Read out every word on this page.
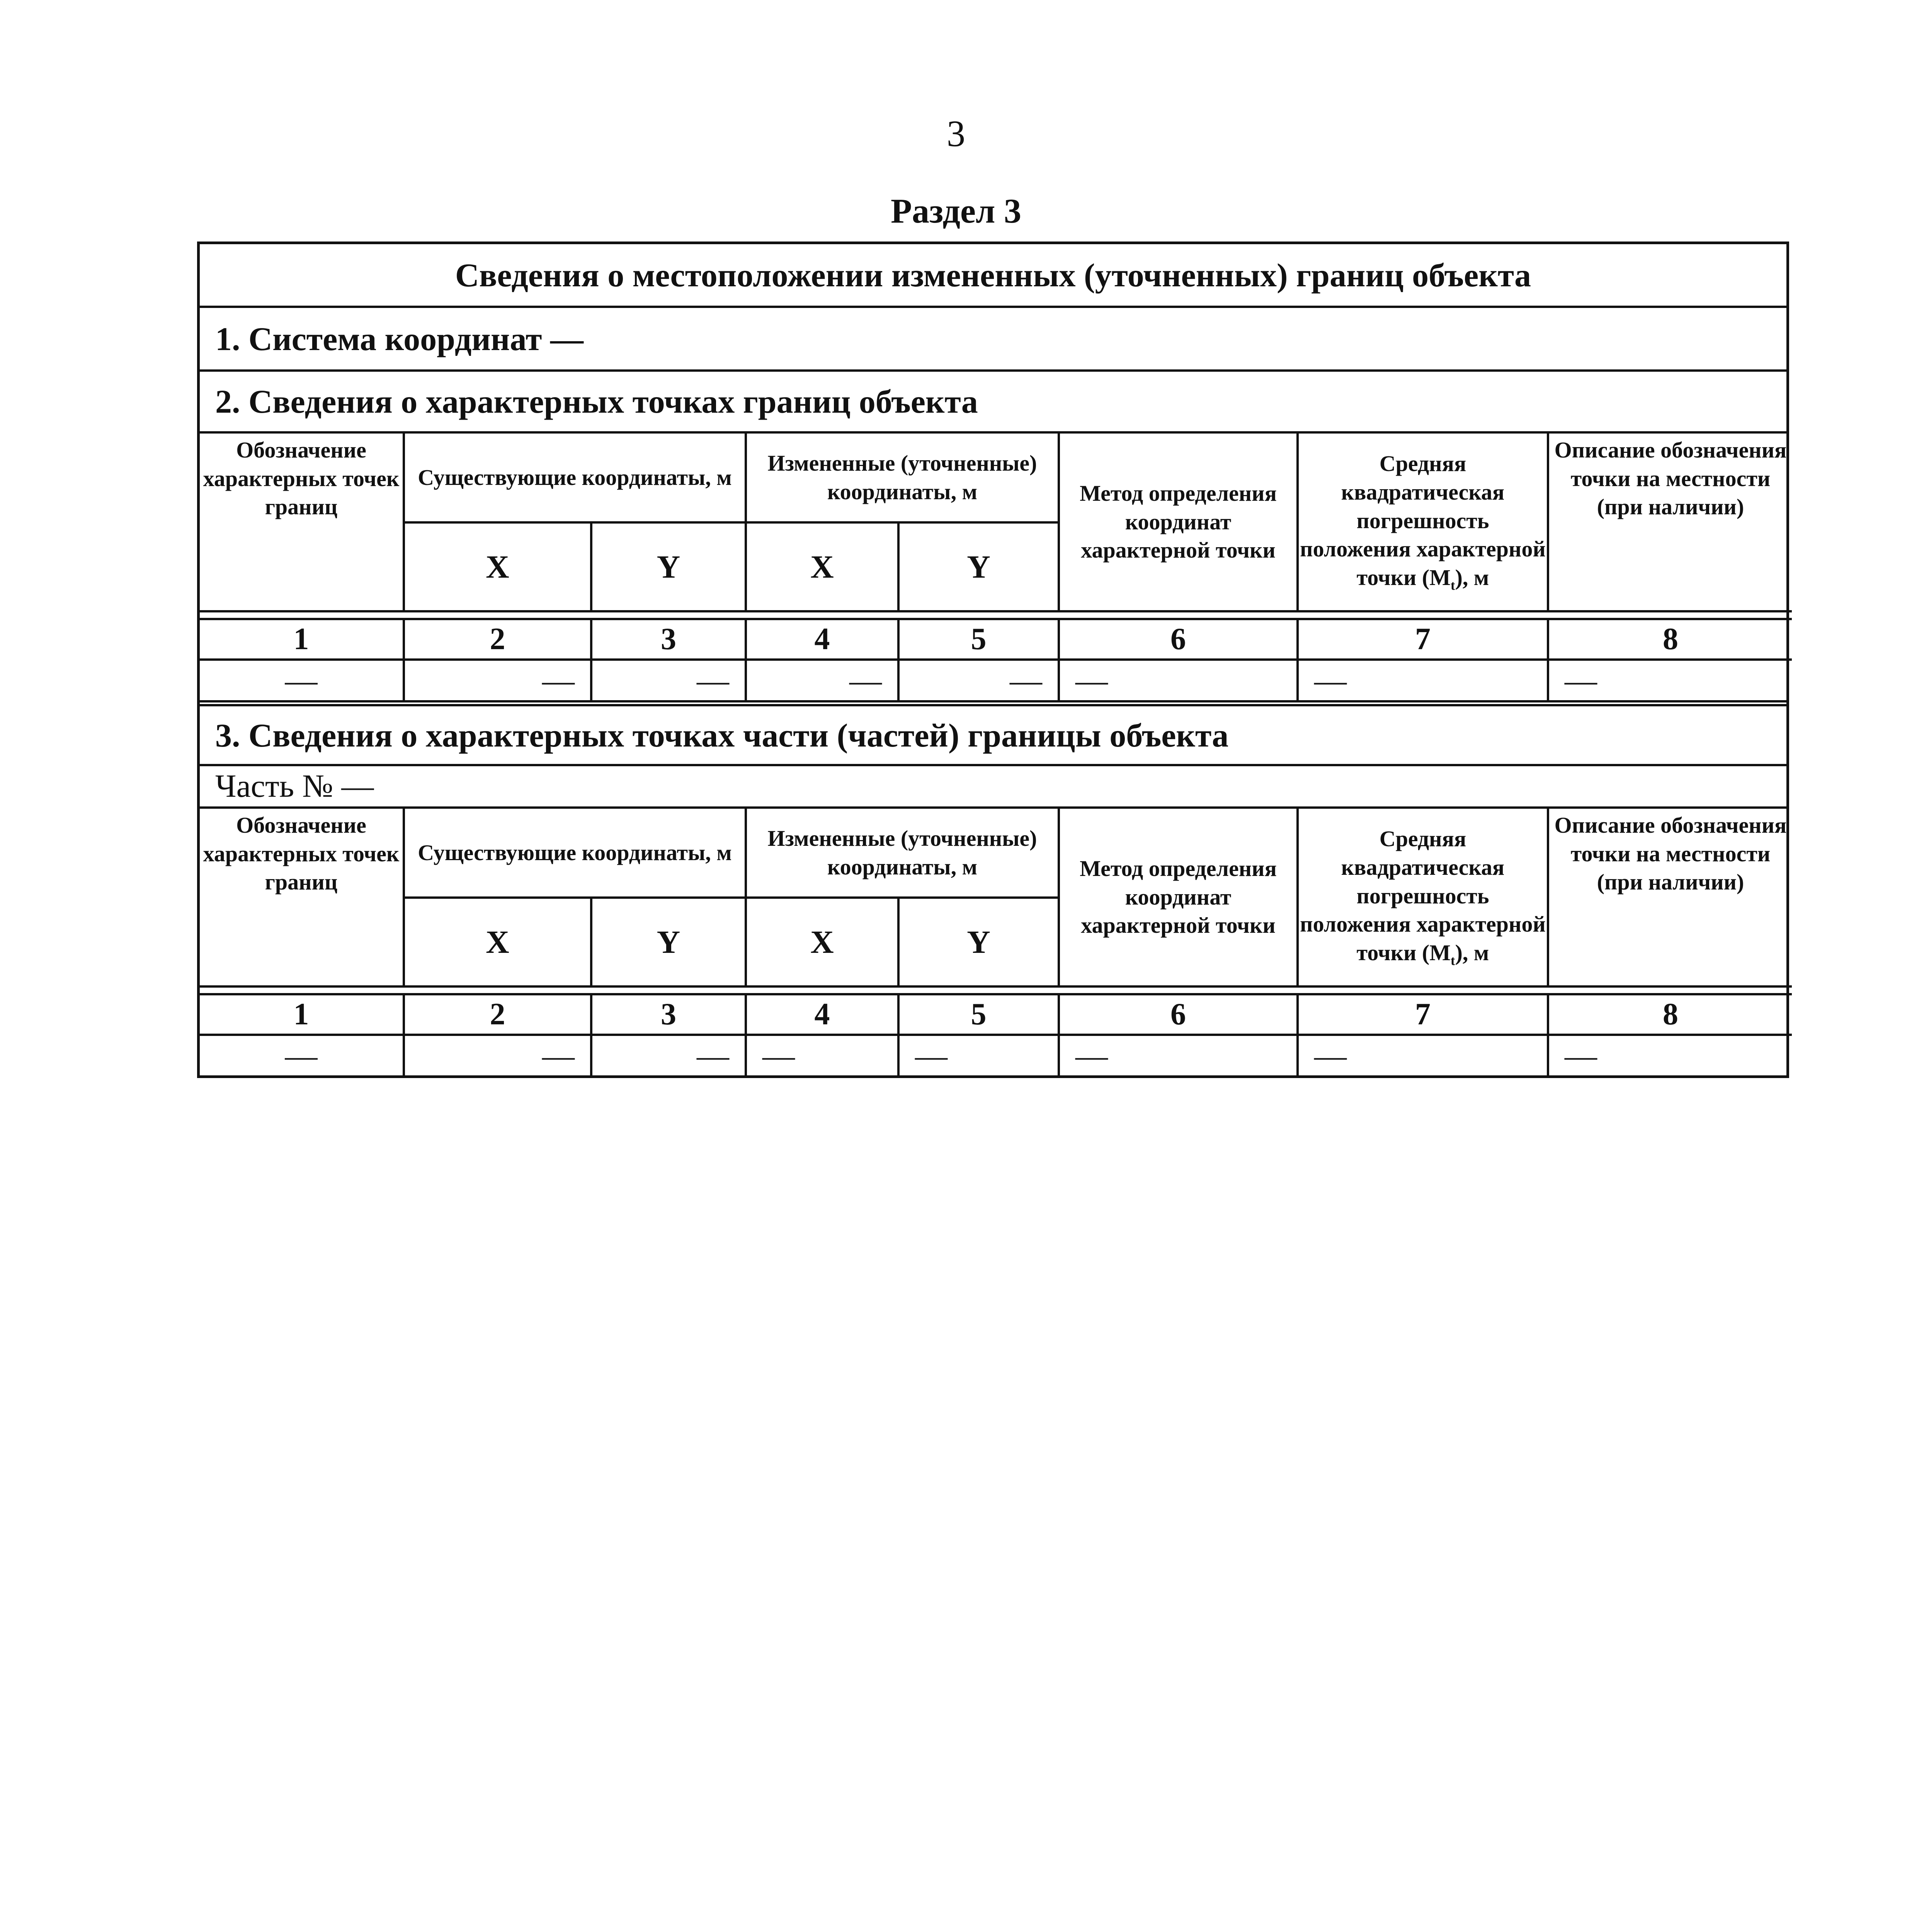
3
Раздел 3
Сведения о местоположении измененных (уточненных) границ объекта
1. Система координат —
2. Сведения о характерных точках границ объекта
Обозначение характерных точек границ	Существующие координаты, м		Измененные (уточненные) координаты, м		Метод определения координат характерной точки	Средняя квадратическая погрешность положения характерной точки $(M_t)$, м	Описание обозначения точки на местности (при наличии)
	X	Y	X	Y			

1	2	3	4	5	6	7	8
—	—	—	—	—	—	—	—
3. Сведения о характерных точках части (частей) границы объекта
Часть № —
Обозначение характерных точек границ	Существующие координаты, м		Измененные (уточненные) координаты, м		Метод определения координат характерной точки	Средняя квадратическая погрешность положения характерной точки $(M_t)$, м	Описание обозначения точки на местности (при наличии)
	X	Y	X	Y			

1	2	3	4	5	6	7	8
—	—	—	—	—	—	—	—
